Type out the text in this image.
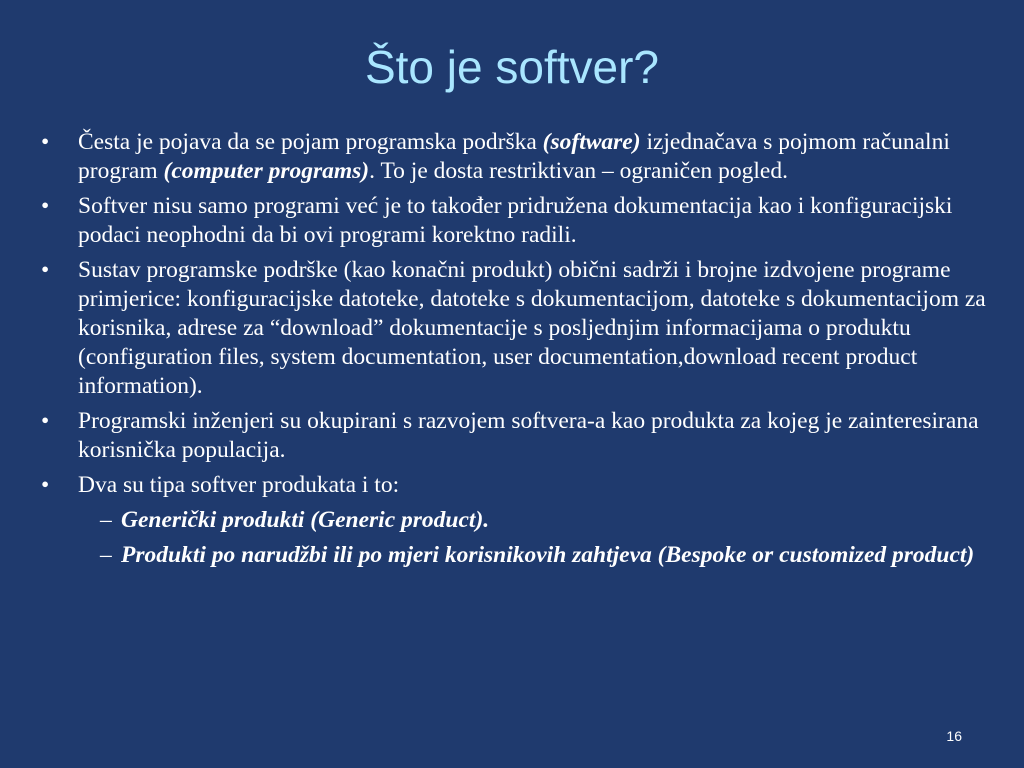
Što je softver?
• Česta je pojava da se pojam programska podrška (software) izjednačava s pojmom računalni program (computer programs). To je dosta restriktivan – ograničen pogled.
• Softver nisu samo programi već je to također pridružena dokumentacija kao i konfiguracijski podaci neophodni da bi ovi programi korektno radili.
• Sustav programske podrške (kao konačni produkt) obični sadrži i brojne izdvojene programe primjerice: konfiguracijske datoteke, datoteke s dokumentacijom, datoteke s dokumentacijom za korisnika, adrese za “download” dokumentacije s posljednjim informacijama o produktu (configuration files, system documentation, user documentation,download recent product information).
• Programski inženjeri su okupirani s razvojem softvera-a kao produkta za kojeg je zainteresirana korisnička populacija.
• Dva su tipa softver produkata i to:
– Generički produkti (Generic product).
– Produkti po narudžbi ili po mjeri korisnikovih zahtjeva (Bespoke or customized product)
16
